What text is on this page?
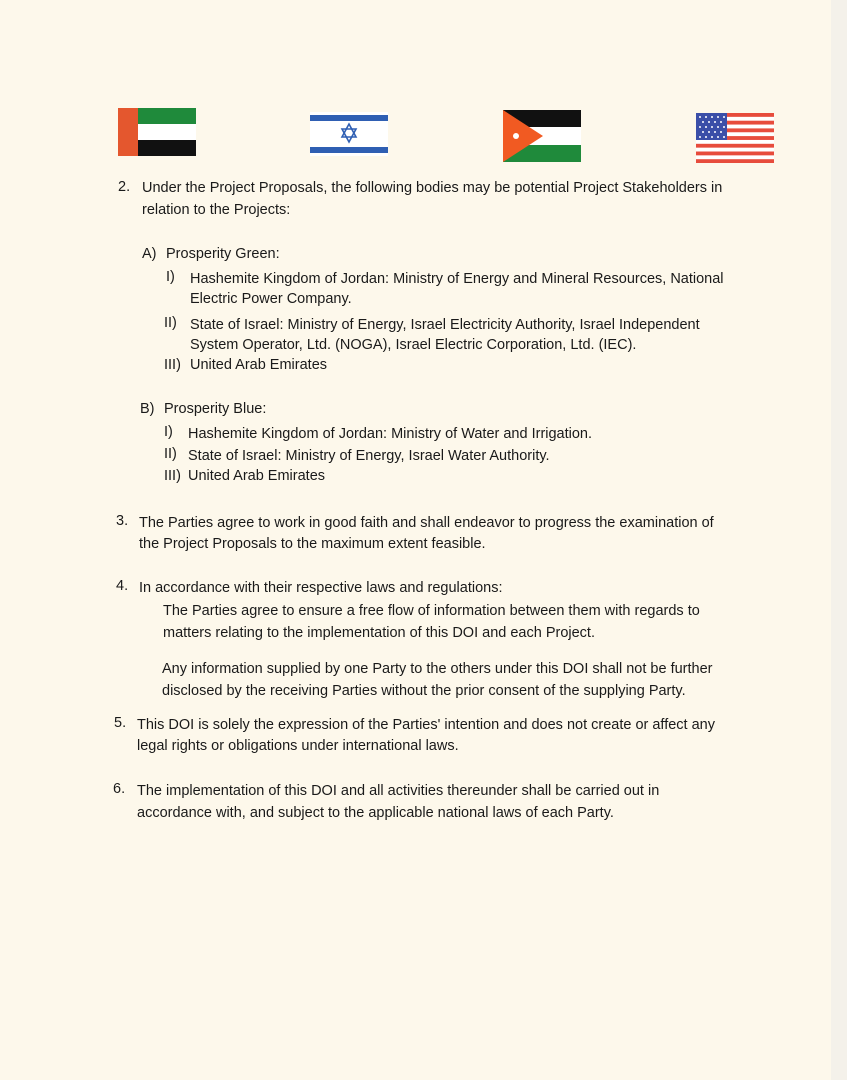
2. Under the Project Proposals, the following bodies may be potential Project Stakeholders in
relation to the Projects:
A) Prosperity Green:
I) Hashemite Kingdom of Jordan: Ministry of Energy and Mineral Resources, National
Electric Power Company.
II) State of Israel: Ministry of Energy, Israel Electricity Authority, Israel Independent
System Operator, Ltd. (NOGA), Israel Electric Corporation, Ltd. (IEC).
III) United Arab Emirates
B) Prosperity Blue:
I) Hashemite Kingdom of Jordan: Ministry of Water and Irrigation.
II) State of Israel: Ministry of Energy, Israel Water Authority.
III) United Arab Emirates
3. The Parties agree to work in good faith and shall endeavor to progress the examination of
the Project Proposals to the maximum extent feasible.
4. In accordance with their respective laws and regulations:
The Parties agree to ensure a free flow of information between them with regards to
matters relating to the implementation of this DOI and each Project.
Any information supplied by one Party to the others under this DOI shall not be further
disclosed by the receiving Parties without the prior consent of the supplying Party.
5. This DOI is solely the expression of the Parties' intention and does not create or affect any
legal rights or obligations under international laws.
6. The implementation of this DOI and all activities thereunder shall be carried out in
accordance with, and subject to the applicable national laws of each Party.
